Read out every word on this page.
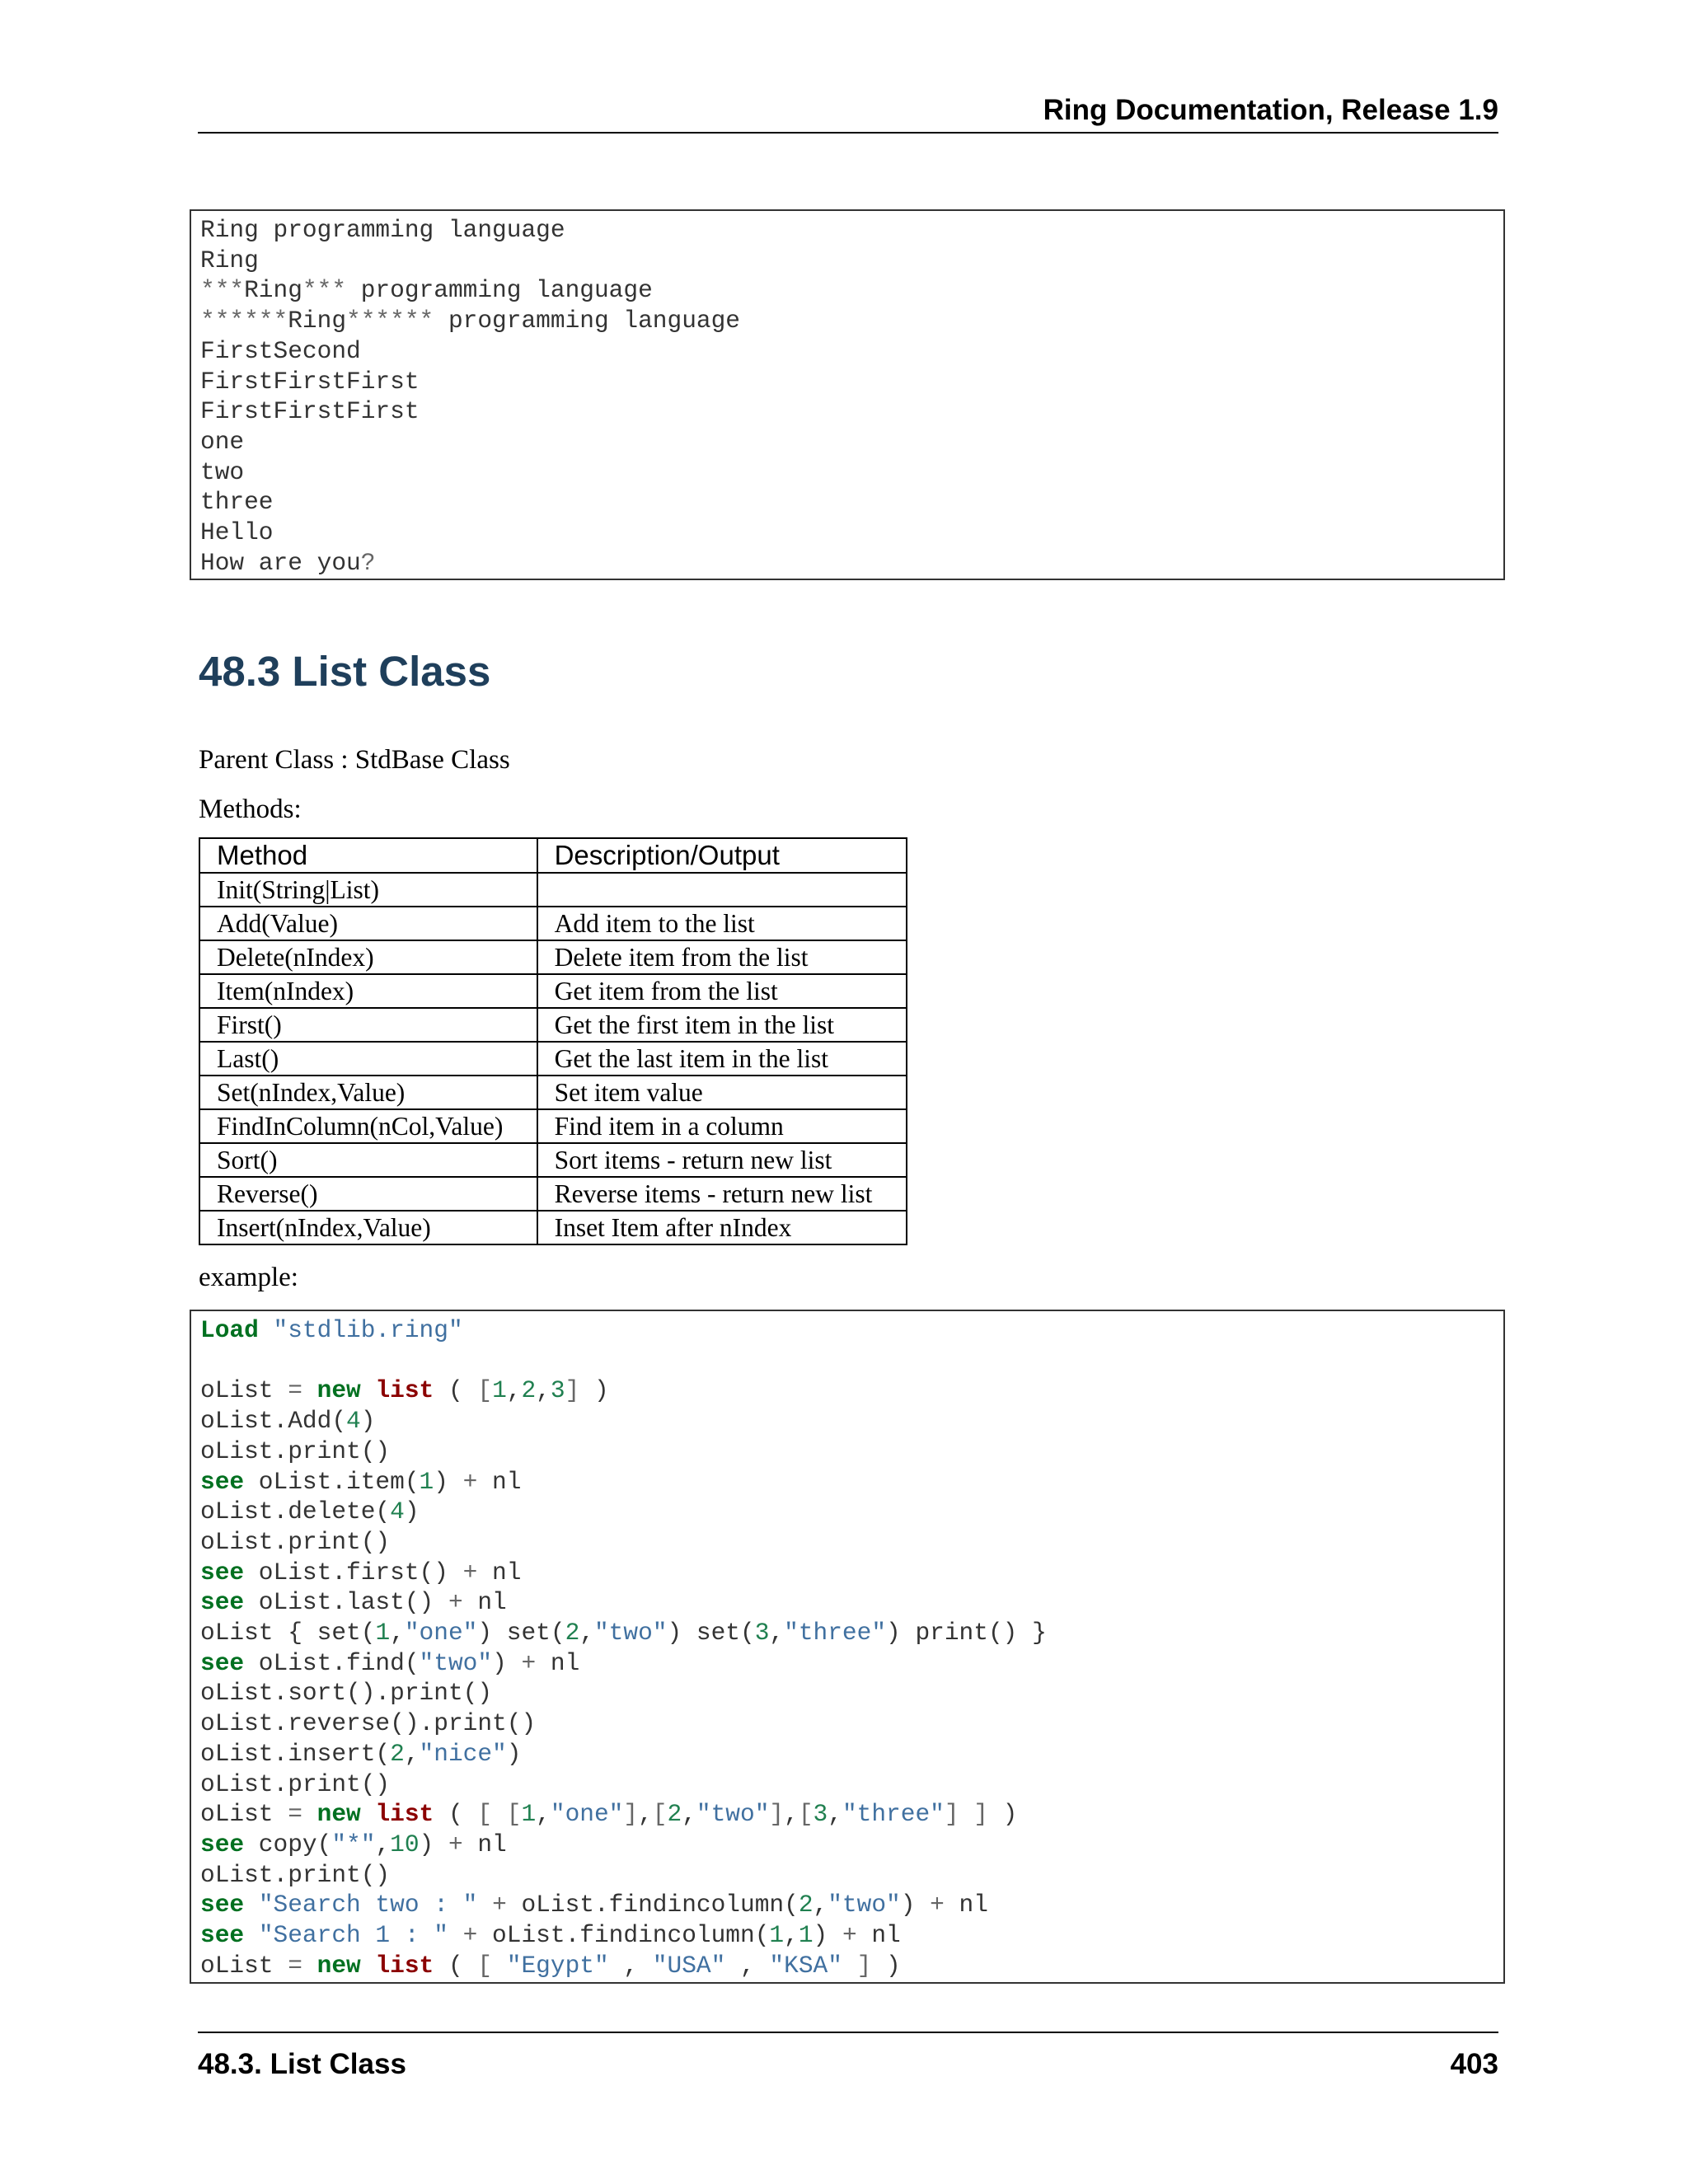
Ring Documentation, Release 1.9
Ring programming language
Ring
***Ring*** programming language
******Ring****** programming language
FirstSecond
FirstFirstFirst
FirstFirstFirst
one
two
three
Hello
How are you?
48.3 List Class

Parent Class : StdBase Class

Methods:

Method	Description/Output
Init(String|List)	
Add(Value)	Add item to the list
Delete(nIndex)	Delete item from the list
Item(nIndex)	Get item from the list
First()	Get the first item in the list
Last()	Get the last item in the list
Set(nIndex,Value)	Set item value
FindInColumn(nCol,Value)	Find item in a column
Sort()	Sort items - return new list
Reverse()	Reverse items - return new list
Insert(nIndex,Value)	Inset Item after nIndex

example:

Load "stdlib.ring"

oList = new list ( [1,2,3] )
oList.Add(4)
oList.print()
see oList.item(1) + nl
oList.delete(4)
oList.print()
see oList.first() + nl
see oList.last() + nl
oList { set(1,"one") set(2,"two") set(3,"three") print() }
see oList.find("two") + nl
oList.sort().print()
oList.reverse().print()
oList.insert(2,"nice")
oList.print()
oList = new list ( [ [1,"one"],[2,"two"],[3,"three"] ] )
see copy("*",10) + nl
oList.print()
see "Search two : " + oList.findincolumn(2,"two") + nl
see "Search 1 : " + oList.findincolumn(1,1) + nl
oList = new list ( [ "Egypt" , "USA" , "KSA" ] )
48.3. List Class	403
